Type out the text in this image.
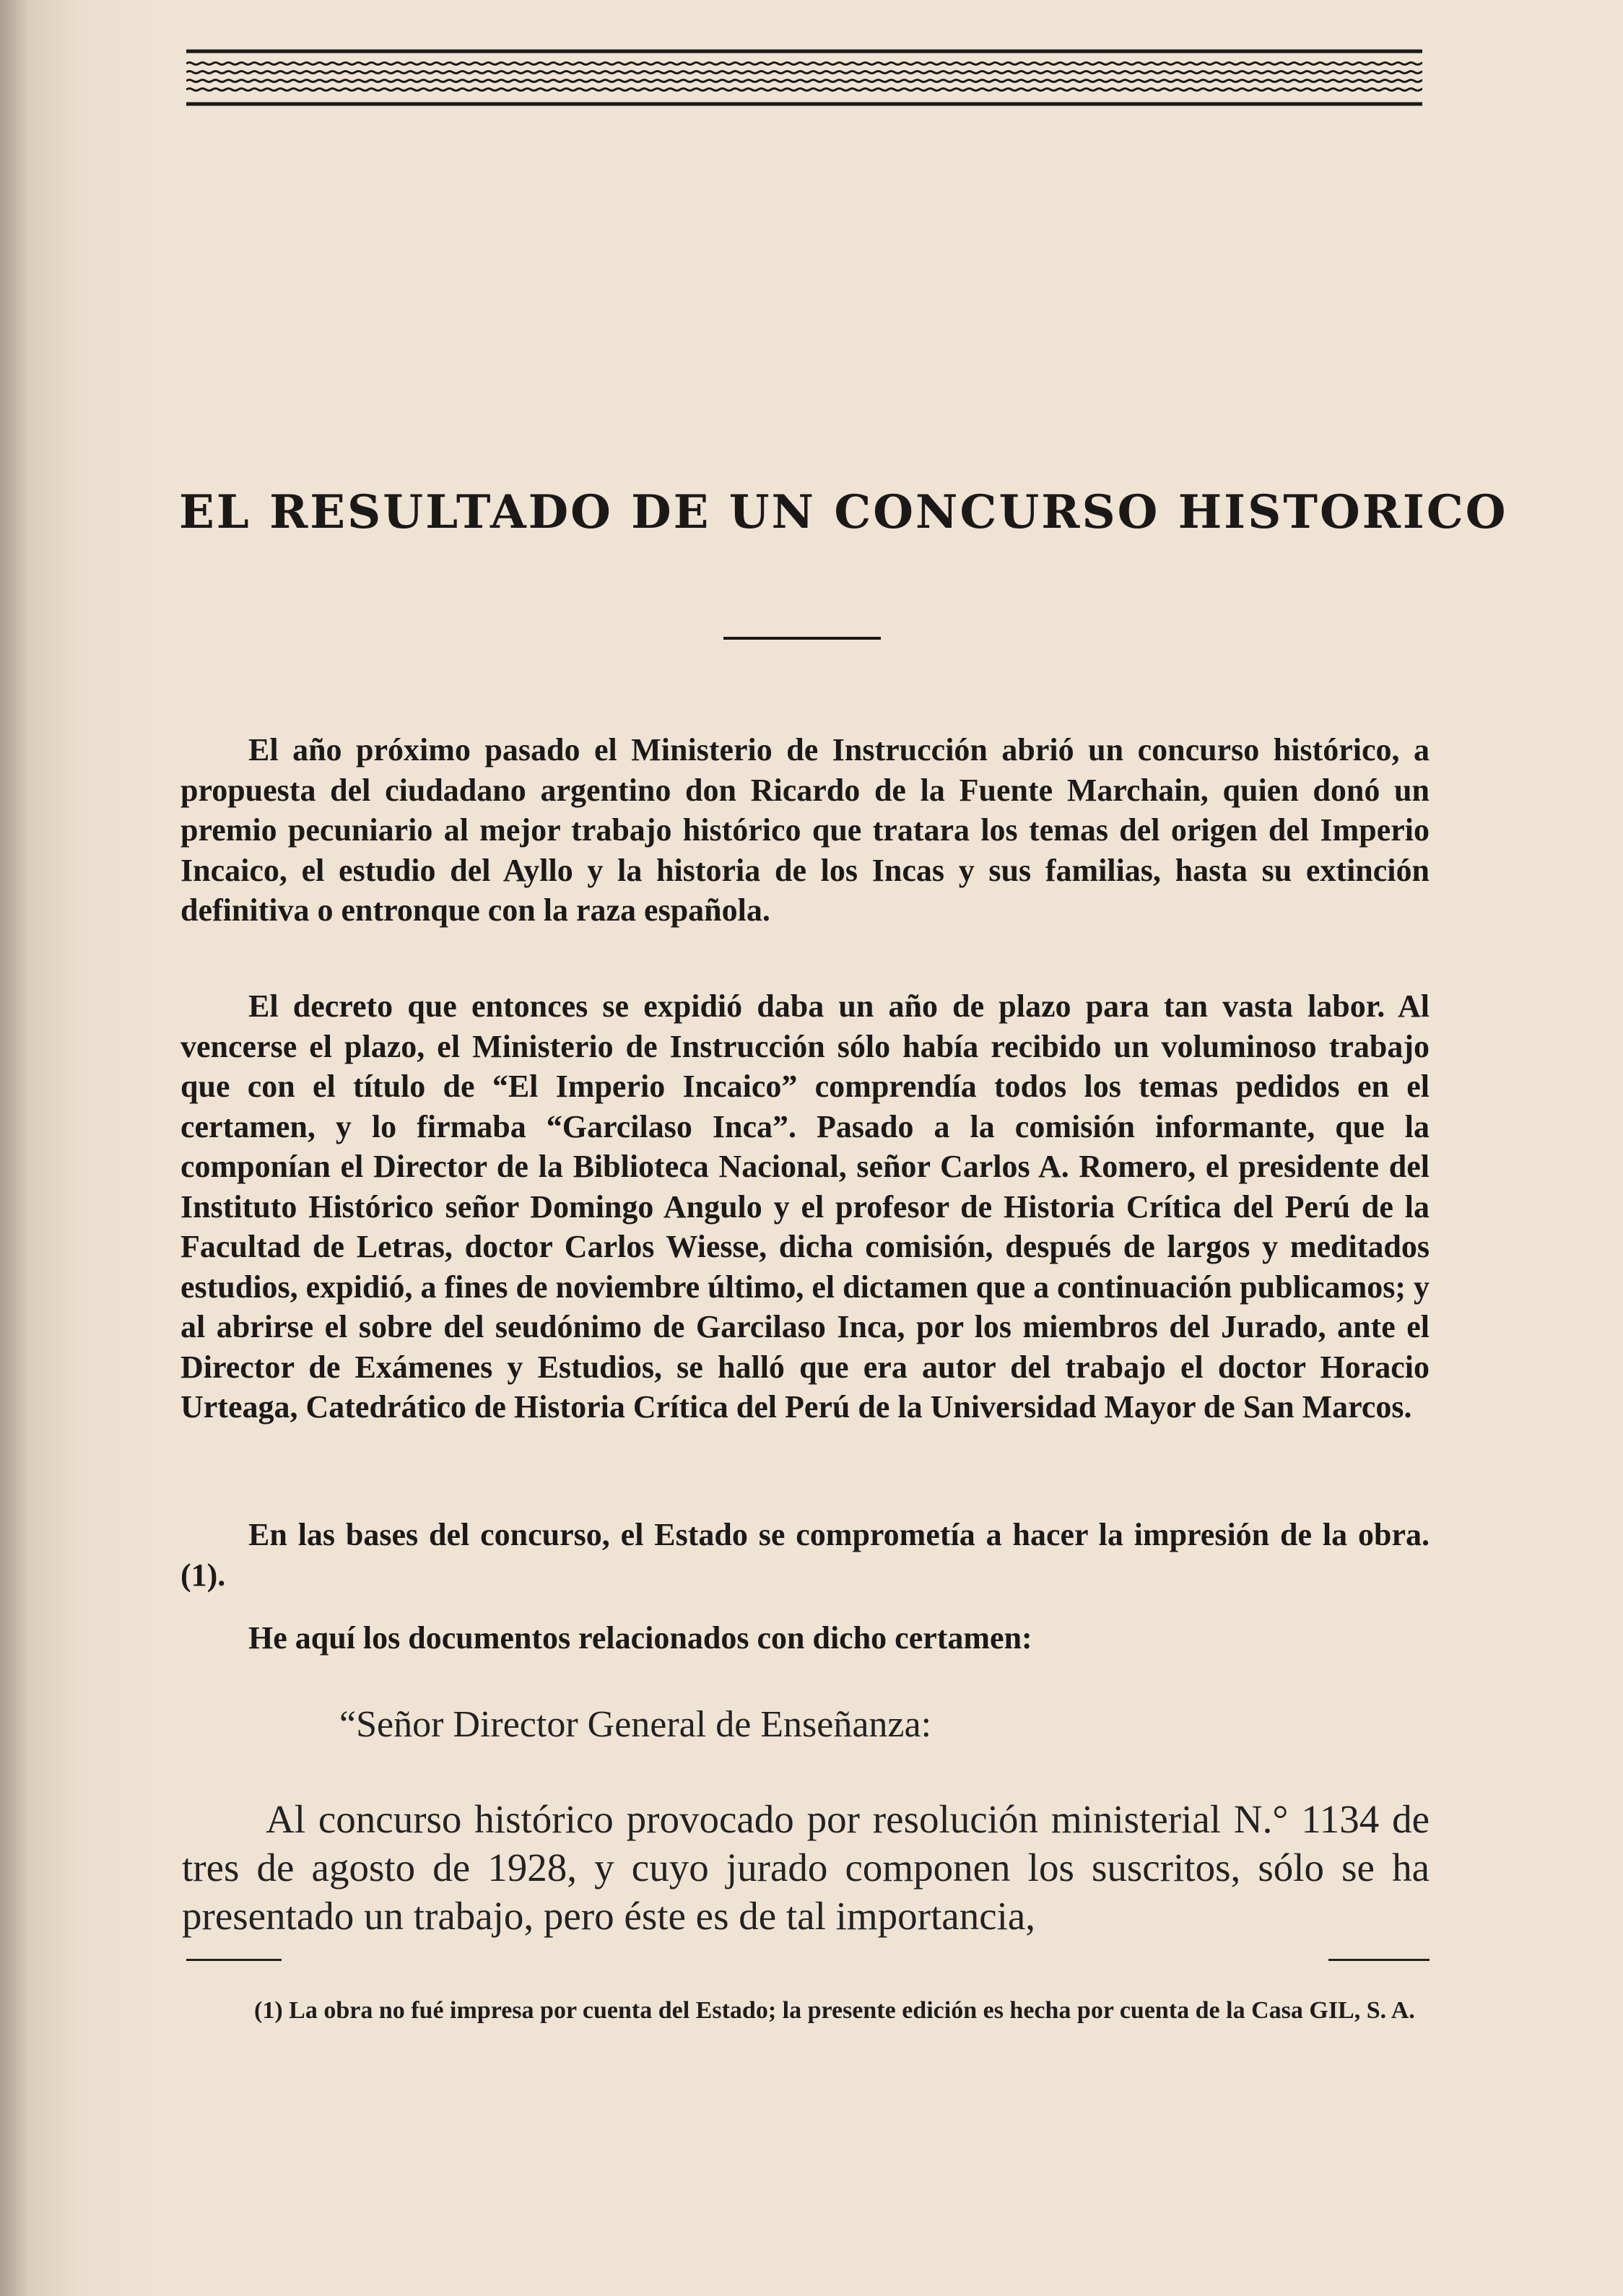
EL RESULTADO DE UN CONCURSO HISTORICO

El año próximo pasado el Ministerio de Instrucción abrió un concurso histórico, a propuesta del ciudadano argentino don Ricardo de la Fuente Marchain, quien donó un premio pecuniario al mejor trabajo histórico que tratara los temas del origen del Imperio Incaico, el estudio del Ayllo y la historia de los Incas y sus familias, hasta su extinción definitiva o entronque con la raza española.

El decreto que entonces se expidió daba un año de plazo para tan vasta labor. Al vencerse el plazo, el Ministerio de Instrucción sólo había recibido un voluminoso trabajo que con el título de “El Imperio Incaico” comprendía todos los temas pedidos en el certamen, y lo firmaba “Garcilaso Inca”. Pasado a la comisión informante, que la componían el Director de la Biblioteca Nacional, señor Carlos A. Romero, el presidente del Instituto Histórico señor Domingo Angulo y el profesor de Historia Crítica del Perú de la Facultad de Letras, doctor Carlos Wiesse, dicha comisión, después de largos y meditados estudios, expidió, a fines de noviembre último, el dictamen que a continuación publicamos; y al abrirse el sobre del seudónimo de Garcilaso Inca, por los miembros del Jurado, ante el Director de Exámenes y Estudios, se halló que era autor del trabajo el doctor Horacio Urteaga, Catedrático de Historia Crítica del Perú de la Universidad Mayor de San Marcos.

En las bases del concurso, el Estado se comprometía a hacer la impresión de la obra. (1).

He aquí los documentos relacionados con dicho certamen:
“Señor Director General de Enseñanza:

Al concurso histórico provocado por resolución ministerial N.° 1134 de tres de agosto de 1928, y cuyo jurado componen los suscritos, sólo se ha presentado un trabajo, pero éste es de tal importancia,

(1) La obra no fué impresa por cuenta del Estado; la presente edición es hecha por cuenta de la Casa GIL, S. A.
